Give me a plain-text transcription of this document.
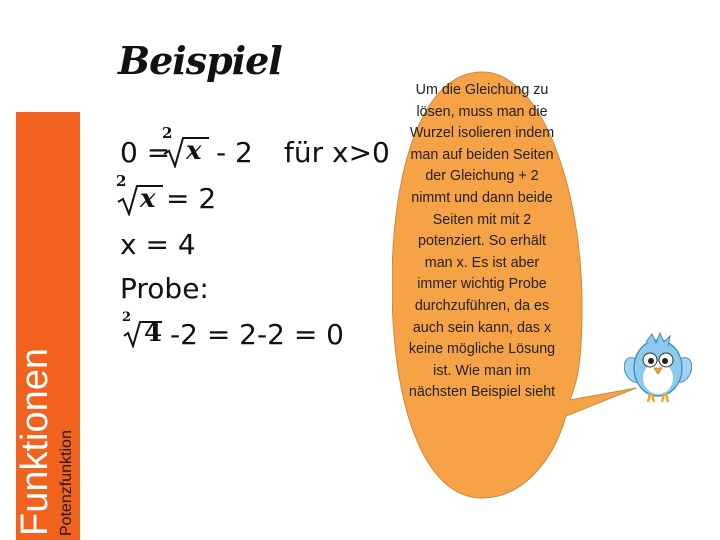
Funktionen Potenzfunktion
Beispiel
0 =
2
x - 2 für x>0
2
x = 2
x = 4
Probe:
2
4 -2 = 2-2 = 0
Um die Gleichung zu lösen, muss man die Wurzel isolieren indem man auf beiden Seiten der Gleichung + 2 nimmt und dann beide Seiten mit mit 2 potenziert. So erhält man x. Es ist aber immer wichtig Probe durchzuführen, da es auch sein kann, das x keine mögliche Lösung ist. Wie man im nächsten Beispiel sieht
